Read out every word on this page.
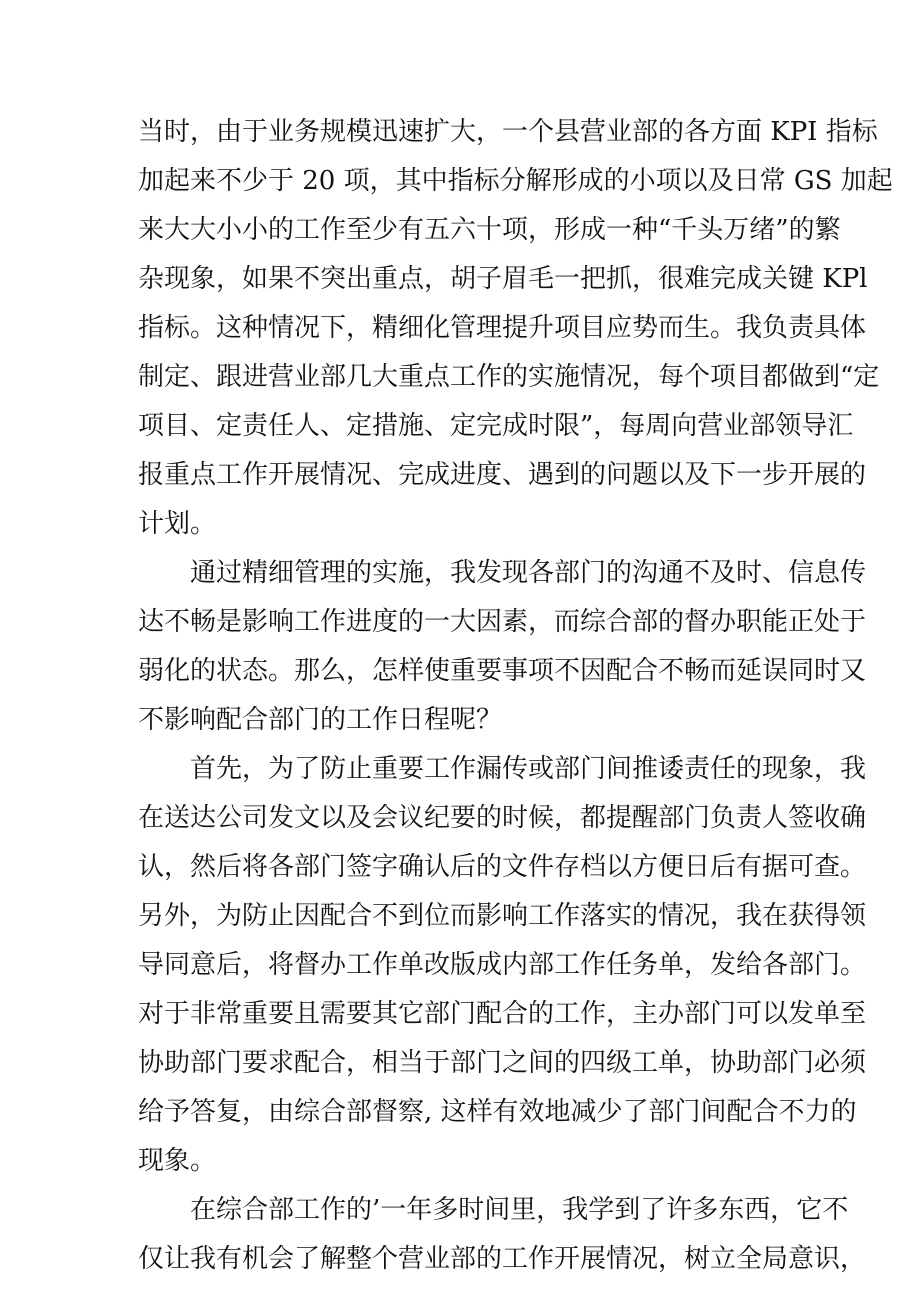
当时，由于业务规模迅速扩大，一个县营业部的各方面 KPI 指标
加起来不少于 20 项，其中指标分解形成的小项以及日常 GS 加起
来大大小小的工作至少有五六十项，形成一种“千头万绪”的繁
杂现象，如果不突出重点，胡子眉毛一把抓，很难完成关键 KPl
指标。这种情况下，精细化管理提升项目应势而生。我负责具体
制定、跟进营业部几大重点工作的实施情况，每个项目都做到“定
项目、定责任人、定措施、定完成时限”，每周向营业部领导汇
报重点工作开展情况、完成进度、遇到的问题以及下一步开展的
计划。
通过精细管理的实施，我发现各部门的沟通不及时、信息传
达不畅是影响工作进度的一大因素，而综合部的督办职能正处于
弱化的状态。那么，怎样使重要事项不因配合不畅而延误同时又
不影响配合部门的工作日程呢？
首先，为了防止重要工作漏传或部门间推诿责任的现象，我
在送达公司发文以及会议纪要的时候，都提醒部门负责人签收确
认，然后将各部门签字确认后的文件存档以方便日后有据可查。
另外，为防止因配合不到位而影响工作落实的情况，我在获得领
导同意后，将督办工作单改版成内部工作任务单，发给各部门。
对于非常重要且需要其它部门配合的工作，主办部门可以发单至
协助部门要求配合，相当于部门之间的四级工单，协助部门必须
给予答复，由综合部督察, 这样有效地减少了部门间配合不力的
现象。
在综合部工作的’一年多时间里，我学到了许多东西，它不
仅让我有机会了解整个营业部的工作开展情况，树立全局意识，
